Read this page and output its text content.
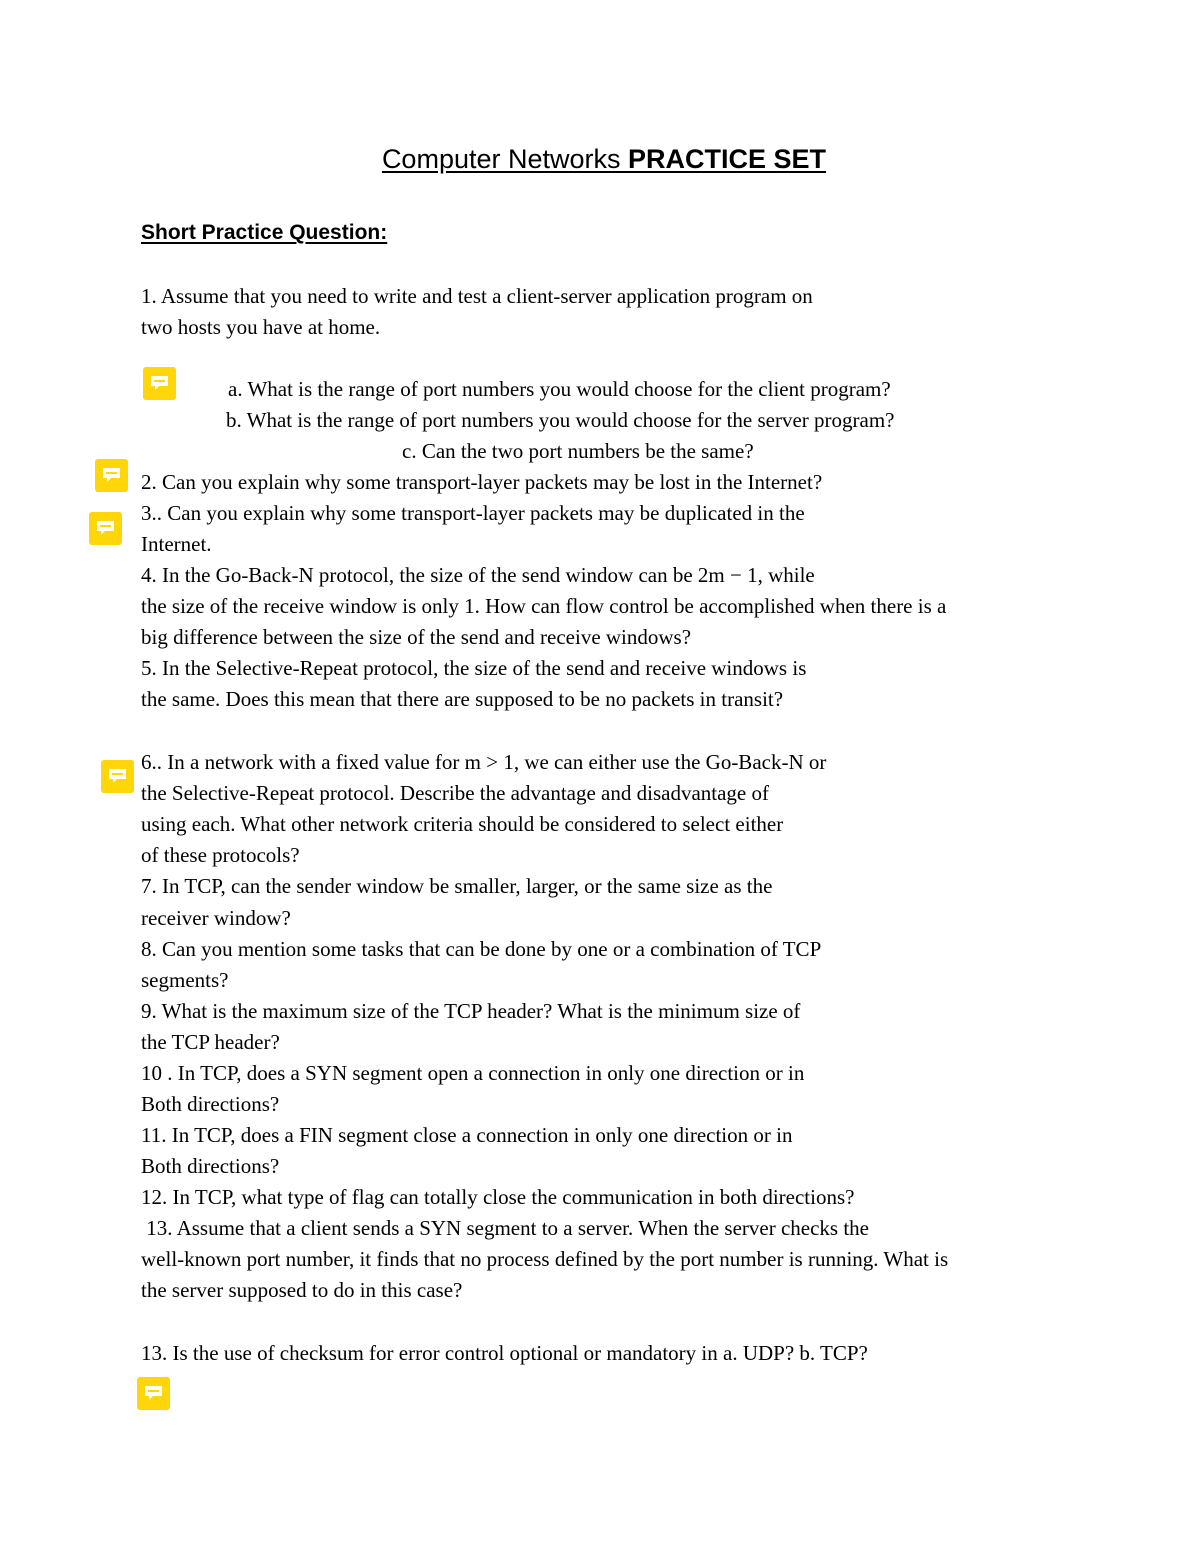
Computer Networks PRACTICE SET
Short Practice Question:

1. Assume that you need to write and test a client-server application program on

two hosts you have at home.

a. What is the range of port numbers you would choose for the client program?

b. What is the range of port numbers you would choose for the server program?

c. Can the two port numbers be the same?

2. Can you explain why some transport-layer packets may be lost in the Internet?

3.. Can you explain why some transport-layer packets may be duplicated in the

Internet.

4. In the Go-Back-N protocol, the size of the send window can be 2m − 1, while

the size of the receive window is only 1. How can flow control be accomplished when there is a

big difference between the size of the send and receive windows?

5. In the Selective-Repeat protocol, the size of the send and receive windows is

the same. Does this mean that there are supposed to be no packets in transit?

6.. In a network with a fixed value for m > 1, we can either use the Go-Back-N or

the Selective-Repeat protocol. Describe the advantage and disadvantage of

using each. What other network criteria should be considered to select either

of these protocols?

7. In TCP, can the sender window be smaller, larger, or the same size as the

receiver window?

8. Can you mention some tasks that can be done by one or a combination of TCP

segments?

9. What is the maximum size of the TCP header? What is the minimum size of

the TCP header?

10 . In TCP, does a SYN segment open a connection in only one direction or in

Both directions?

11. In TCP, does a FIN segment close a connection in only one direction or in

Both directions?

12. In TCP, what type of flag can totally close the communication in both directions?

13. Assume that a client sends a SYN segment to a server. When the server checks the

well-known port number, it finds that no process defined by the port number is running. What is

the server supposed to do in this case?

13. Is the use of checksum for error control optional or mandatory in a. UDP? b. TCP?
